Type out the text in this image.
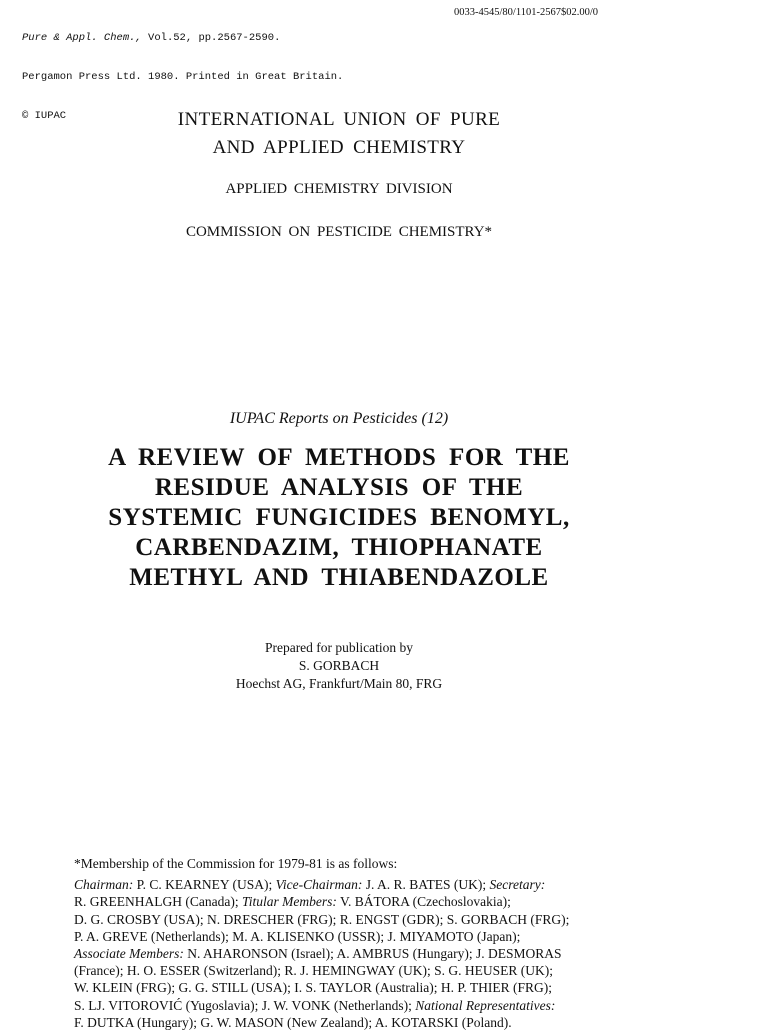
Pure & Appl. Chem., Vol.52, pp.2567-2590.

Pergamon Press Ltd. 1980. Printed in Great Britain.

© IUPAC

0033-4545/80/1101-2567$02.00/0
INTERNATIONAL UNION OF PURE
AND APPLIED CHEMISTRY
APPLIED CHEMISTRY DIVISION
COMMISSION ON PESTICIDE CHEMISTRY*
IUPAC Reports on Pesticides (12)
A REVIEW OF METHODS FOR THE
RESIDUE ANALYSIS OF THE
SYSTEMIC FUNGICIDES BENOMYL,
CARBENDAZIM, THIOPHANATE
METHYL AND THIABENDAZOLE
Prepared for publication by
S. GORBACH
Hoechst AG, Frankfurt/Main 80, FRG
*Membership of the Commission for 1979-81 is as follows:
Chairman: P. C. KEARNEY (USA); Vice-Chairman: J. A. R. BATES (UK); Secretary:
R. GREENHALGH (Canada); Titular Members: V. BÁTORA (Czechoslovakia);
D. G. CROSBY (USA); N. DRESCHER (FRG); R. ENGST (GDR); S. GORBACH (FRG);
P. A. GREVE (Netherlands); M. A. KLISENKO (USSR); J. MIYAMOTO (Japan);
Associate Members: N. AHARONSON (Israel); A. AMBRUS (Hungary); J. DESMORAS
(France); H. O. ESSER (Switzerland); R. J. HEMINGWAY (UK); S. G. HEUSER (UK);
W. KLEIN (FRG); G. G. STILL (USA); I. S. TAYLOR (Australia); H. P. THIER (FRG);
S. LJ. VITOROVIĆ (Yugoslavia); J. W. VONK (Netherlands); National Representatives:
F. DUTKA (Hungary); G. W. MASON (New Zealand); A. KOTARSKI (Poland).
